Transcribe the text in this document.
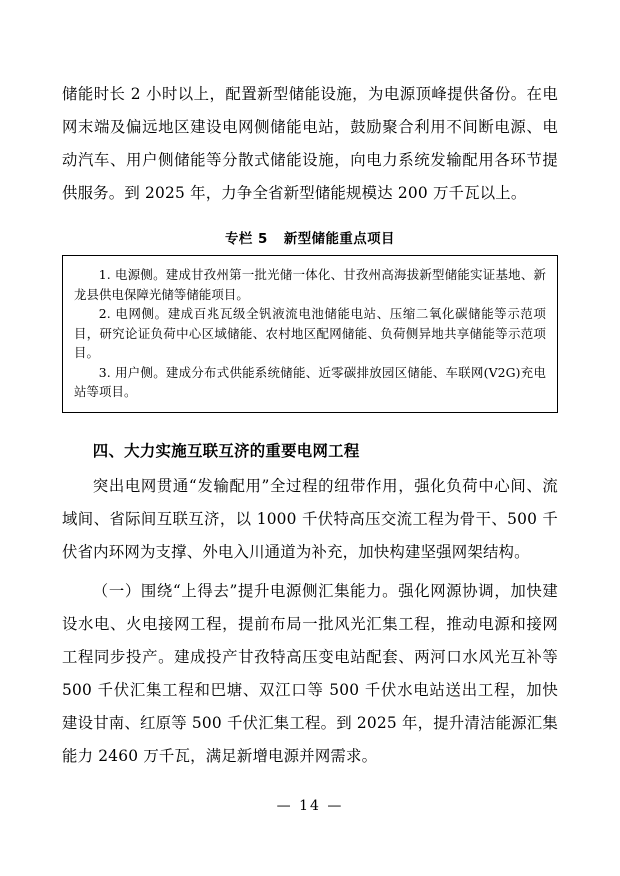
储能时长 2 小时以上，配置新型储能设施，为电源顶峰提供备份。在电网末端及偏远地区建设电网侧储能电站，鼓励聚合利用不间断电源、电动汽车、用户侧储能等分散式储能设施，向电力系统发输配用各环节提供服务。到 2025 年，力争全省新型储能规模达 200 万千瓦以上。

专栏 5 新型储能重点项目

1. 电源侧。建成甘孜州第一批光储一体化、甘孜州高海拔新型储能实证基地、新龙县供电保障光储等储能项目。

2. 电网侧。建成百兆瓦级全钒液流电池储能电站、压缩二氧化碳储能等示范项目，研究论证负荷中心区域储能、农村地区配网储能、负荷侧异地共享储能等示范项目。

3. 用户侧。建成分布式供能系统储能、近零碳排放园区储能、车联网(V2G)充电站等项目。

四、大力实施互联互济的重要电网工程

突出电网贯通“发输配用”全过程的纽带作用，强化负荷中心间、流域间、省际间互联互济，以 1000 千伏特高压交流工程为骨干、500 千伏省内环网为支撑、外电入川通道为补充，加快构建坚强网架结构。

（一）围绕“上得去”提升电源侧汇集能力。强化网源协调，加快建设水电、火电接网工程，提前布局一批风光汇集工程，推动电源和接网工程同步投产。建成投产甘孜特高压变电站配套、两河口水风光互补等 500 千伏汇集工程和巴塘、双江口等 500 千伏水电站送出工程，加快建设甘南、红原等 500 千伏汇集工程。到 2025 年，提升清洁能源汇集能力 2460 万千瓦，满足新增电源并网需求。

— 14 —
